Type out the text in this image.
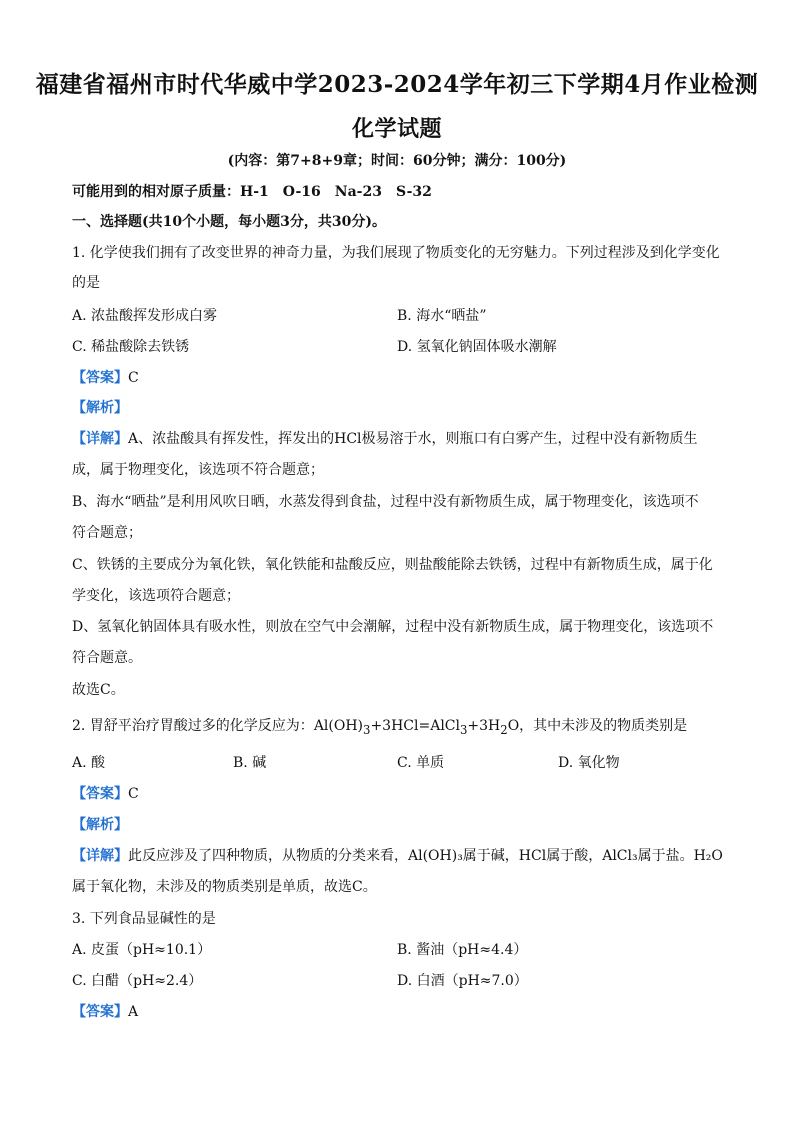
福建省福州市时代华威中学2023-2024学年初三下学期4月作业检测
化学试题
(内容：第7+8+9章；时间：60分钟；满分：100分)
可能用到的相对原子质量：H-1　O-16　Na-23　S-32
一、选择题(共10个小题，每小题3分，共30分)。
1. 化学使我们拥有了改变世界的神奇力量，为我们展现了物质变化的无穷魅力。下列过程涉及到化学变化
的是
A. 浓盐酸挥发形成白雾	B. 海水“晒盐”
C. 稀盐酸除去铁锈	D. 氢氧化钠固体吸水潮解
【答案】C
【解析】
【详解】A、浓盐酸具有挥发性，挥发出的HCl极易溶于水，则瓶口有白雾产生，过程中没有新物质生
成，属于物理变化，该选项不符合题意；
B、海水“晒盐”是利用风吹日晒，水蒸发得到食盐，过程中没有新物质生成，属于物理变化，该选项不
符合题意；
C、铁锈的主要成分为氧化铁，氧化铁能和盐酸反应，则盐酸能除去铁锈，过程中有新物质生成，属于化
学变化，该选项符合题意；
D、氢氧化钠固体具有吸水性，则放在空气中会潮解，过程中没有新物质生成，属于物理变化，该选项不
符合题意。
故选C。
2. 胃舒平治疗胃酸过多的化学反应为：$Al(OH)_3+3HCl=AlCl_3+3H_2O$，其中未涉及的物质类别是
A. 酸	B. 碱	C. 单质	D. 氧化物
【答案】C
【解析】
【详解】此反应涉及了四种物质，从物质的分类来看，Al(OH)₃属于碱，HCl属于酸，AlCl₃属于盐。H₂O
属于氧化物，未涉及的物质类别是单质，故选C。
3. 下列食品显碱性的是
A. 皮蛋（pH≈10.1）	B. 酱油（pH≈4.4）
C. 白醋（pH≈2.4）	D. 白酒（pH≈7.0）
【答案】A
